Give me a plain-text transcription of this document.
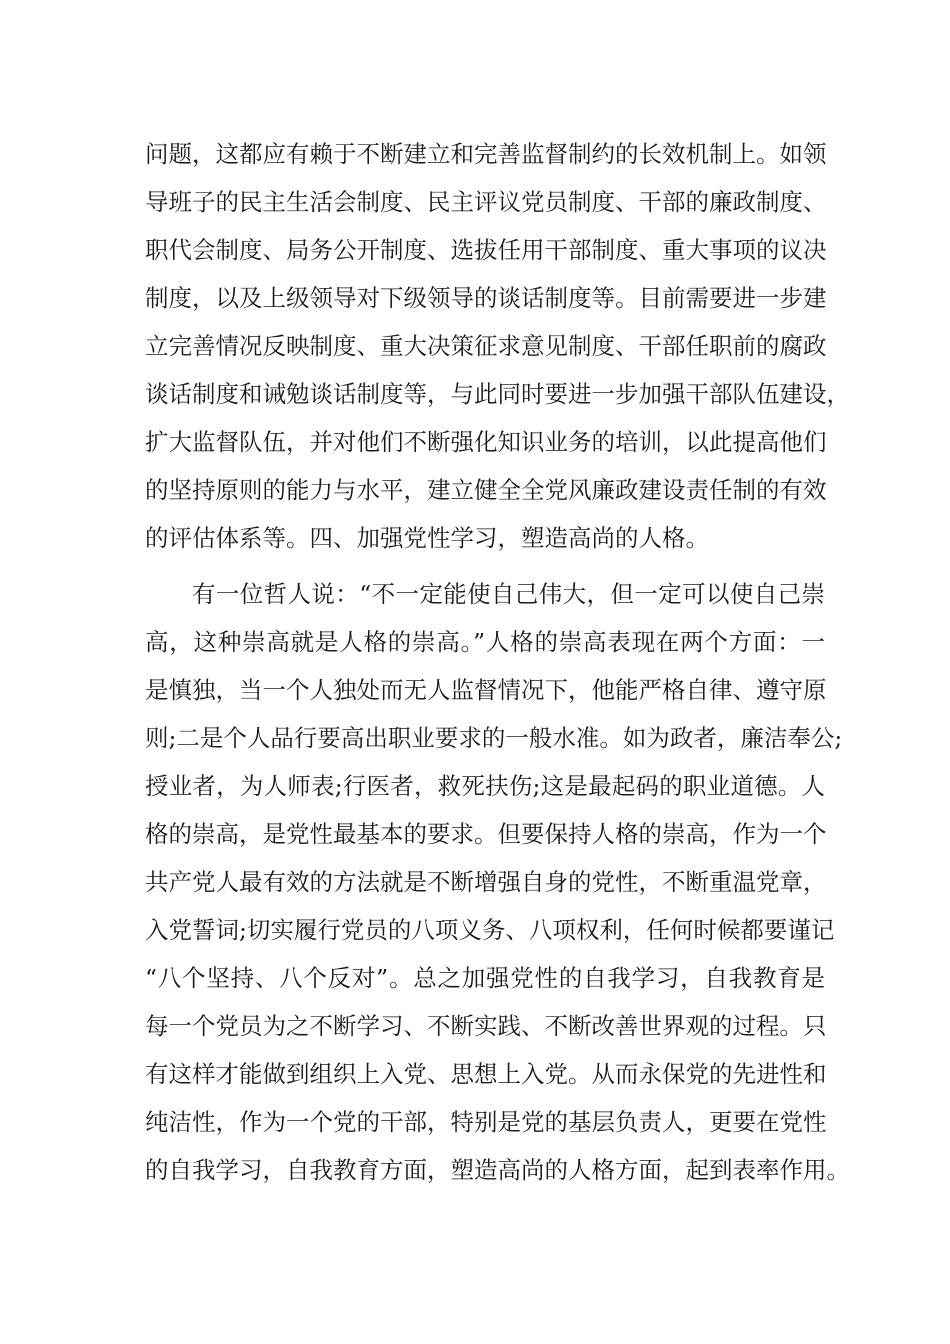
问题，这都应有赖于不断建立和完善监督制约的长效机制上。如领
导班子的民主生活会制度、民主评议党员制度、干部的廉政制度、
职代会制度、局务公开制度、选拔任用干部制度、重大事项的议决
制度，以及上级领导对下级领导的谈话制度等。目前需要进一步建
立完善情况反映制度、重大决策征求意见制度、干部任职前的腐政
谈话制度和诫勉谈话制度等，与此同时要进一步加强干部队伍建设，
扩大监督队伍，并对他们不断强化知识业务的培训，以此提高他们
的坚持原则的能力与水平，建立健全全党风廉政建设责任制的有效
的评估体系等。四、加强党性学习，塑造高尚的人格。
有一位哲人说：“不一定能使自己伟大，但一定可以使自己崇
高，这种崇高就是人格的崇高。”人格的崇高表现在两个方面：一
是慎独，当一个人独处而无人监督情况下，他能严格自律、遵守原
则;二是个人品行要高出职业要求的一般水准。如为政者，廉洁奉公;
授业者，为人师表;行医者，救死扶伤;这是最起码的职业道德。人
格的崇高，是党性最基本的要求。但要保持人格的崇高，作为一个
共产党人最有效的方法就是不断增强自身的党性，不断重温党章，
入党誓词;切实履行党员的八项义务、八项权利，任何时候都要谨记
“八个坚持、八个反对”。总之加强党性的自我学习，自我教育是
每一个党员为之不断学习、不断实践、不断改善世界观的过程。只
有这样才能做到组织上入党、思想上入党。从而永保党的先进性和
纯洁性，作为一个党的干部，特别是党的基层负责人，更要在党性
的自我学习，自我教育方面，塑造高尚的人格方面，起到表率作用。
